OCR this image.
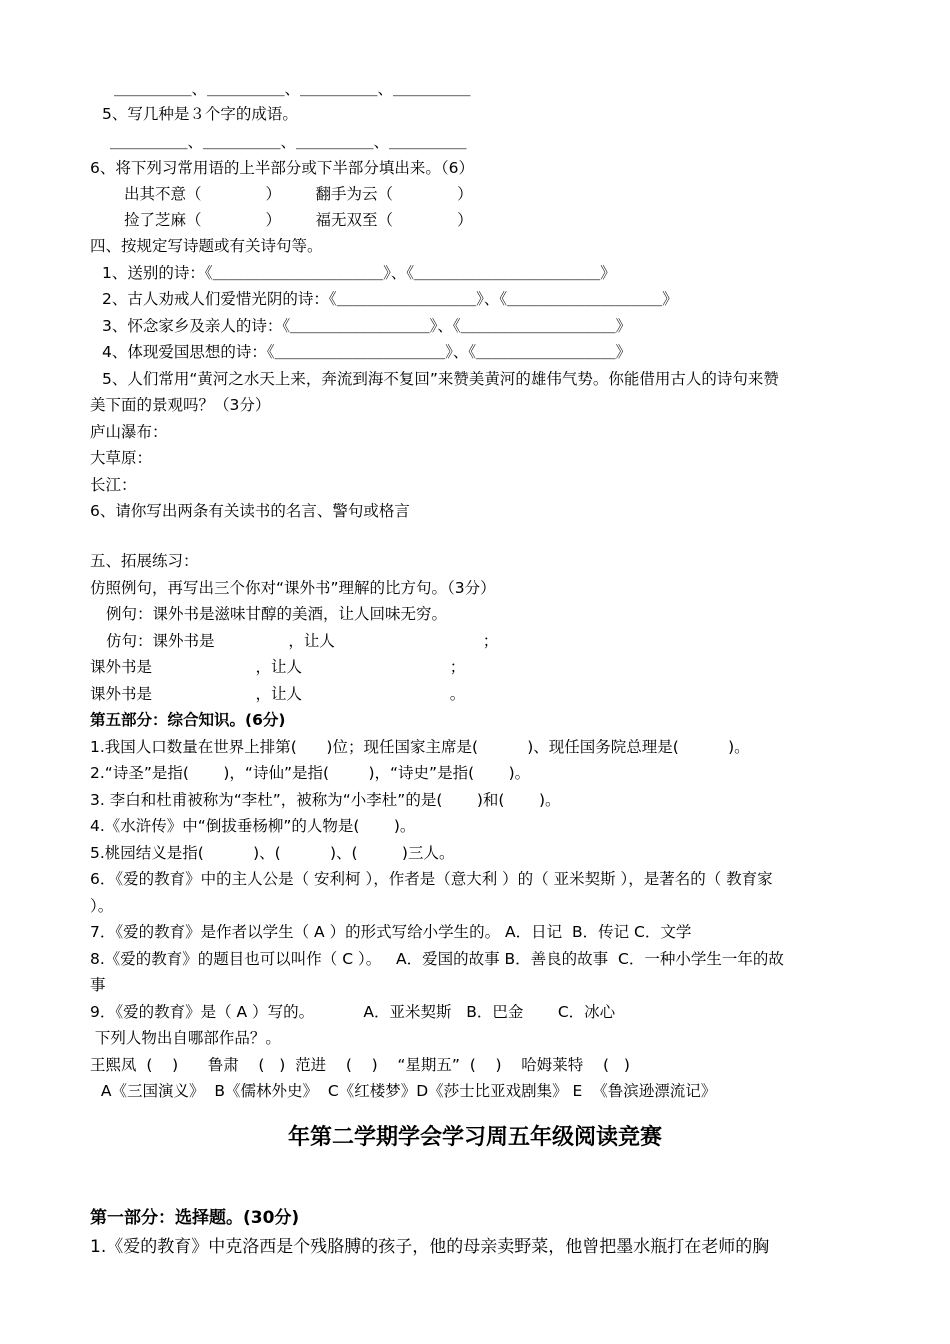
＿＿＿＿＿、＿＿＿＿＿、＿＿＿＿＿、＿＿＿＿＿
5、写几种是３个字的成语。
＿＿＿＿＿、＿＿＿＿＿、＿＿＿＿＿、＿＿＿＿＿
6、将下列习常用语的上半部分或下半部分填出来。（6）
出其不意（             ）       翻手为云（             ）
捡了芝麻（             ）       福无双至（             ）
四、按规定写诗题或有关诗句等。
1、送别的诗：《＿＿＿＿＿＿＿＿＿＿＿》、《＿＿＿＿＿＿＿＿＿＿＿＿》
2、古人劝戒人们爱惜光阴的诗：《＿＿＿＿＿＿＿＿＿》、《＿＿＿＿＿＿＿＿＿＿》
3、怀念家乡及亲人的诗：《＿＿＿＿＿＿＿＿＿》、《＿＿＿＿＿＿＿＿＿＿》
4、体现爱国思想的诗：《＿＿＿＿＿＿＿＿＿＿＿》、《＿＿＿＿＿＿＿＿＿》
5、人们常用“黄河之水天上来，奔流到海不复回”来赞美黄河的雄伟气势。你能借用古人的诗句来赞
美下面的景观吗？（3分）
庐山瀑布：
大草原：
长江：
6、请你写出两条有关读书的名言、警句或格言
五、拓展练习：
仿照例句，再写出三个你对“课外书”理解的比方句。（3分）
例句：课外书是滋味甘醇的美酒，让人回味无穷。
仿句：课外书是               ，让人                              ；
课外书是                     ，让人                              ；
课外书是                     ，让人                              。
第五部分：综合知识。(6分)
1.我国人口数量在世界上排第(      )位；现任国家主席是(          )、现任国务院总理是(          )。
2.“诗圣”是指(       )，“诗仙”是指(        )，“诗史”是指(       )。
3. 李白和杜甫被称为“李杜”，被称为“小李杜”的是(       )和(       )。
4.《水浒传》中“倒拔垂杨柳”的人物是(       )。
5.桃园结义是指(          )、(          )、(         )三人。
6．《爱的教育》中的主人公是（ 安利柯 ），作者是（意大利 ）的（ 亚米契斯 ），是著名的（ 教育家
）。
7．《爱的教育》是作者以学生（ A ）的形式写给小学生的。 A．日记  B．传记 C．文学
8.《爱的教育》的题目也可以叫作（ C ）。   A．爱国的故事 B．善良的故事  C．一种小学生一年的故
事
9．《爱的教育》是（ A ）写的。          A．亚米契斯   B．巴金       C．冰心
下列人物出自哪部作品？。
王熙凤  (    )      鲁肃    (   )  范进    (    )    “星期五”  (    )    哈姆莱特    (   )
A《三国演义》  B《儒林外史》  C《红楼梦》D《莎士比亚戏剧集》 E  《鲁滨逊漂流记》
年第二学期学会学习周五年级阅读竞赛
第一部分：选择题。(30分)
1.《爱的教育》中克洛西是个残胳膊的孩子，他的母亲卖野菜，他曾把墨水瓶打在老师的胸
